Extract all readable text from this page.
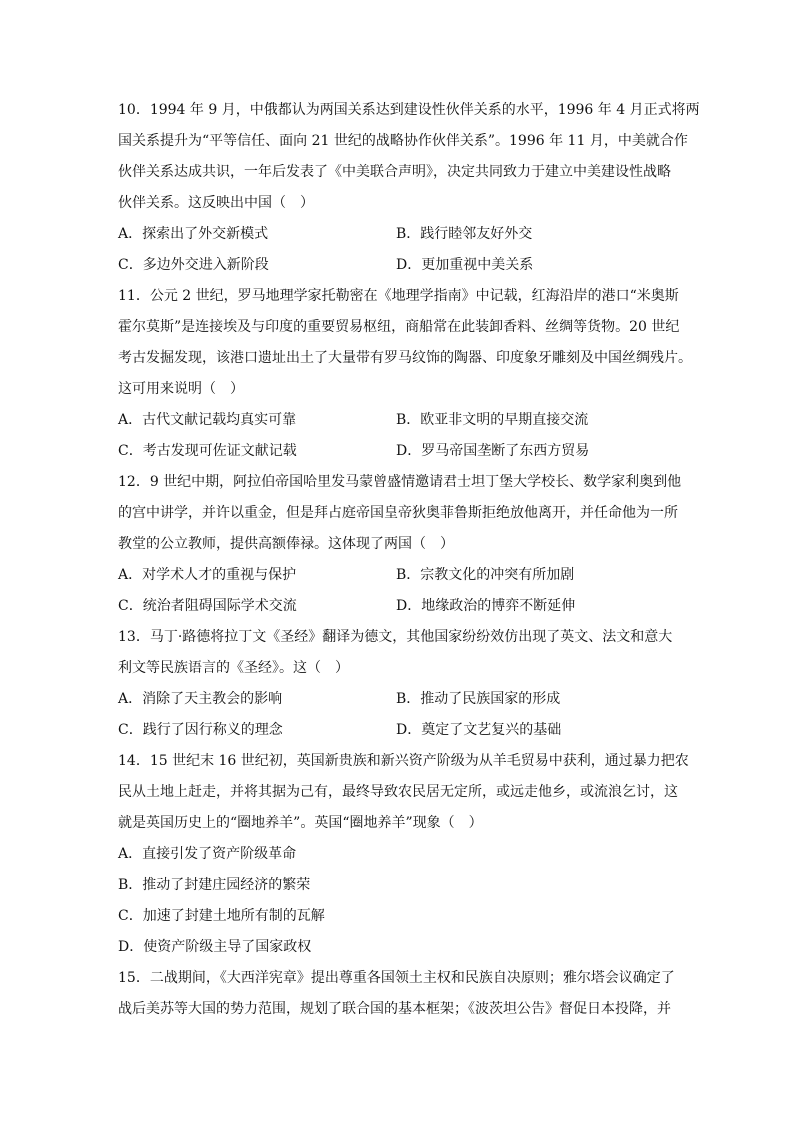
10．1994 年 9 月，中俄都认为两国关系达到建设性伙伴关系的水平，1996 年 4 月正式将两
国关系提升为“平等信任、面向 21 世纪的战略协作伙伴关系”。1996 年 11 月，中美就合作
伙伴关系达成共识，一年后发表了《中美联合声明》，决定共同致力于建立中美建设性战略
伙伴关系。这反映出中国（　）
A．探索出了外交新模式	B．践行睦邻友好外交
C．多边外交进入新阶段	D．更加重视中美关系
11．公元 2 世纪，罗马地理学家托勒密在《地理学指南》中记载，红海沿岸的港口“米奥斯
霍尔莫斯”是连接埃及与印度的重要贸易枢纽，商船常在此装卸香料、丝绸等货物。20 世纪
考古发掘发现，该港口遗址出土了大量带有罗马纹饰的陶器、印度象牙雕刻及中国丝绸残片。
这可用来说明（　）
A．古代文献记载均真实可靠	B．欧亚非文明的早期直接交流
C．考古发现可佐证文献记载	D．罗马帝国垄断了东西方贸易
12．9 世纪中期，阿拉伯帝国哈里发马蒙曾盛情邀请君士坦丁堡大学校长、数学家利奥到他
的宫中讲学，并许以重金，但是拜占庭帝国皇帝狄奥菲鲁斯拒绝放他离开，并任命他为一所
教堂的公立教师，提供高额俸禄。这体现了两国（　）
A．对学术人才的重视与保护	B．宗教文化的冲突有所加剧
C．统治者阻碍国际学术交流	D．地缘政治的博弈不断延伸
13．马丁·路德将拉丁文《圣经》翻译为德文，其他国家纷纷效仿出现了英文、法文和意大
利文等民族语言的《圣经》。这（　）
A．消除了天主教会的影响	B．推动了民族国家的形成
C．践行了因行称义的理念	D．奠定了文艺复兴的基础
14．15 世纪末 16 世纪初，英国新贵族和新兴资产阶级为从羊毛贸易中获利，通过暴力把农
民从土地上赶走，并将其据为己有，最终导致农民居无定所，或远走他乡，或流浪乞讨，这
就是英国历史上的“圈地养羊”。英国“圈地养羊”现象（　）
A．直接引发了资产阶级革命
B．推动了封建庄园经济的繁荣
C．加速了封建土地所有制的瓦解
D．使资产阶级主导了国家政权
15．二战期间，《大西洋宪章》提出尊重各国领土主权和民族自决原则；雅尔塔会议确定了
战后美苏等大国的势力范围，规划了联合国的基本框架；《波茨坦公告》督促日本投降，并
